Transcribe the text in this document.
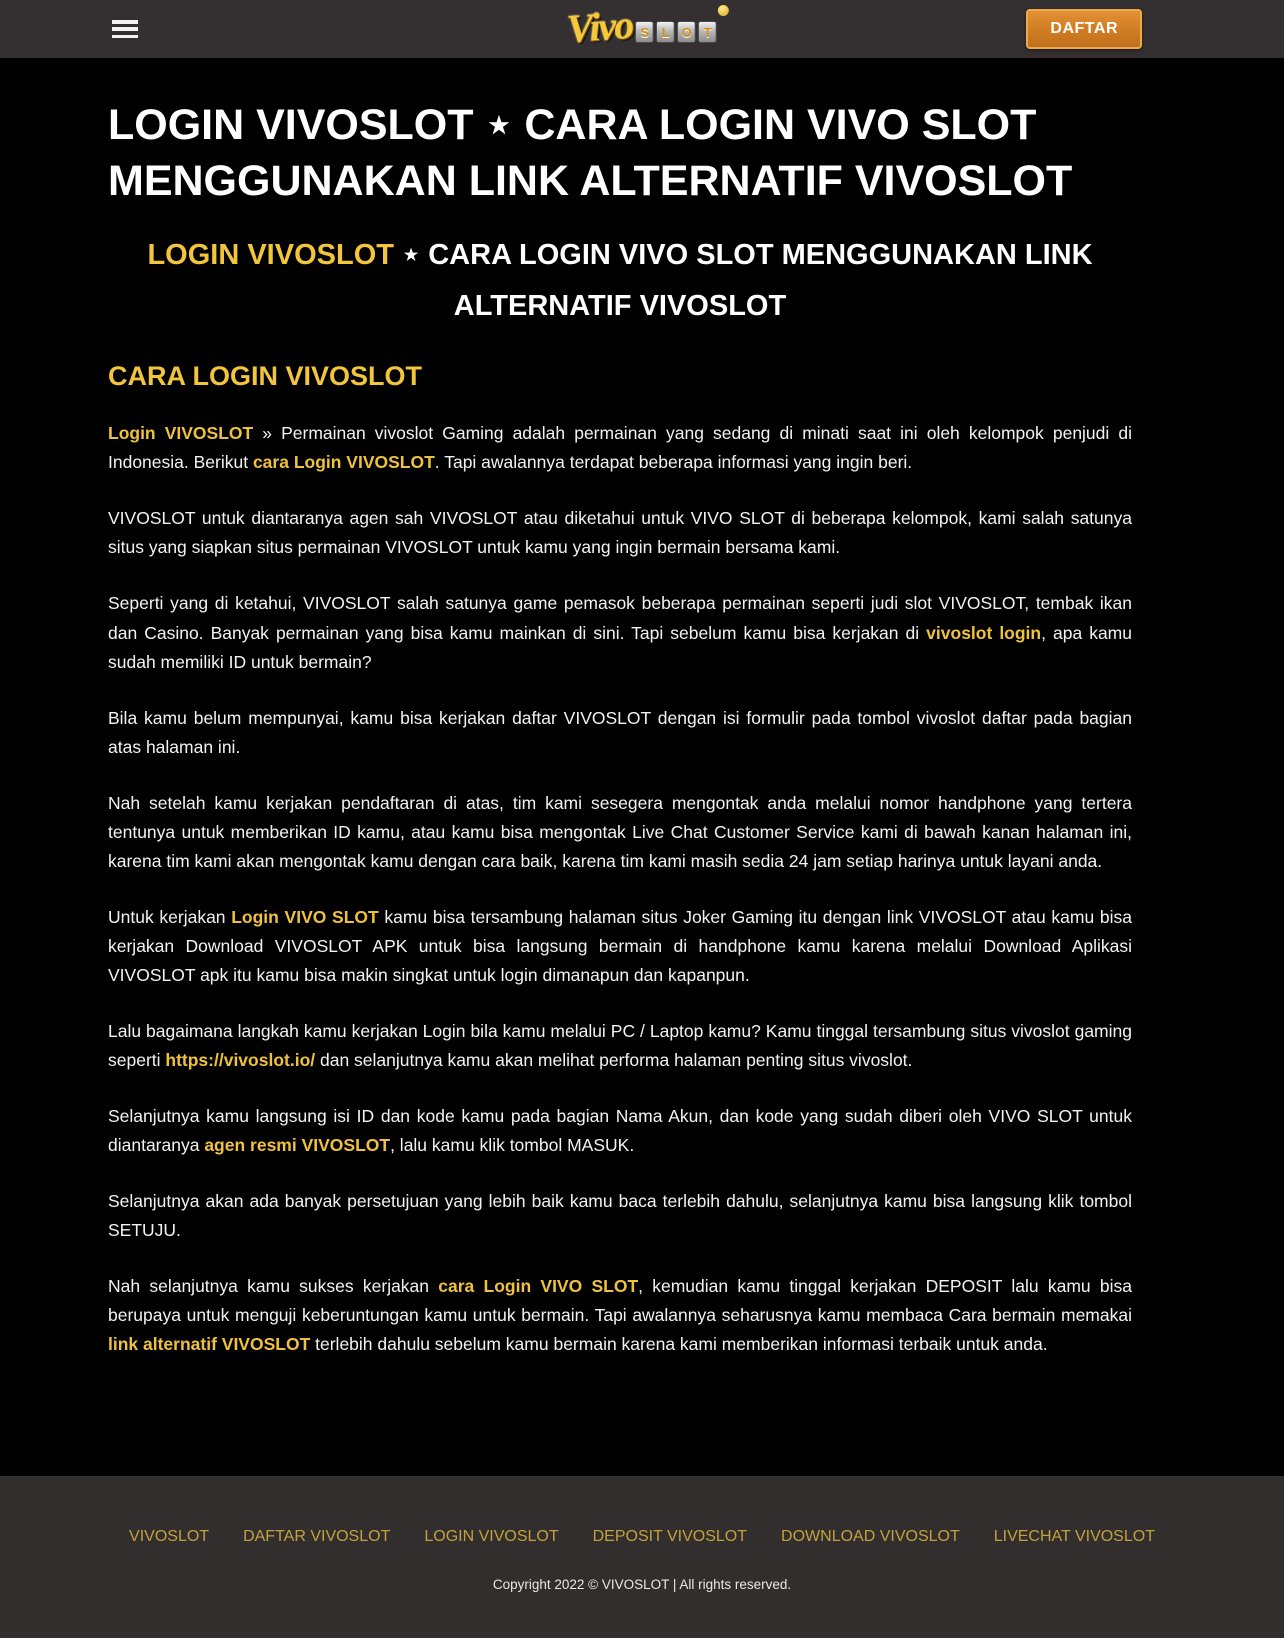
Vivo S L O T	DAFTAR
LOGIN VIVOSLOT ⋆ CARA LOGIN VIVO SLOT MENGGUNAKAN LINK ALTERNATIF VIVOSLOT
LOGIN VIVOSLOT ⋆ CARA LOGIN VIVO SLOT MENGGUNAKAN LINK ALTERNATIF VIVOSLOT
CARA LOGIN VIVOSLOT

Login VIVOSLOT » Permainan vivoslot Gaming adalah permainan yang sedang di minati saat ini oleh kelompok penjudi di Indonesia. Berikut cara Login VIVOSLOT. Tapi awalannya terdapat beberapa informasi yang ingin beri.

VIVOSLOT untuk diantaranya agen sah VIVOSLOT atau diketahui untuk VIVO SLOT di beberapa kelompok, kami salah satunya situs yang siapkan situs permainan VIVOSLOT untuk kamu yang ingin bermain bersama kami.

Seperti yang di ketahui, VIVOSLOT salah satunya game pemasok beberapa permainan seperti judi slot VIVOSLOT, tembak ikan dan Casino. Banyak permainan yang bisa kamu mainkan di sini. Tapi sebelum kamu bisa kerjakan di vivoslot login, apa kamu sudah memiliki ID untuk bermain?

Bila kamu belum mempunyai, kamu bisa kerjakan daftar VIVOSLOT dengan isi formulir pada tombol vivoslot daftar pada bagian atas halaman ini.

Nah setelah kamu kerjakan pendaftaran di atas, tim kami sesegera mengontak anda melalui nomor handphone yang tertera tentunya untuk memberikan ID kamu, atau kamu bisa mengontak Live Chat Customer Service kami di bawah kanan halaman ini, karena tim kami akan mengontak kamu dengan cara baik, karena tim kami masih sedia 24 jam setiap harinya untuk layani anda.

Untuk kerjakan Login VIVO SLOT kamu bisa tersambung halaman situs Joker Gaming itu dengan link VIVOSLOT atau kamu bisa kerjakan Download VIVOSLOT APK untuk bisa langsung bermain di handphone kamu karena melalui Download Aplikasi VIVOSLOT apk itu kamu bisa makin singkat untuk login dimanapun dan kapanpun.

Lalu bagaimana langkah kamu kerjakan Login bila kamu melalui PC / Laptop kamu? Kamu tinggal tersambung situs vivoslot gaming seperti https://vivoslot.io/ dan selanjutnya kamu akan melihat performa halaman penting situs vivoslot.

Selanjutnya kamu langsung isi ID dan kode kamu pada bagian Nama Akun, dan kode yang sudah diberi oleh VIVO SLOT untuk diantaranya agen resmi VIVOSLOT, lalu kamu klik tombol MASUK.

Selanjutnya akan ada banyak persetujuan yang lebih baik kamu baca terlebih dahulu, selanjutnya kamu bisa langsung klik tombol SETUJU.

Nah selanjutnya kamu sukses kerjakan cara Login VIVO SLOT, kemudian kamu tinggal kerjakan DEPOSIT lalu kamu bisa berupaya untuk menguji keberuntungan kamu untuk bermain. Tapi awalannya seharusnya kamu membaca Cara bermain memakai link alternatif VIVOSLOT terlebih dahulu sebelum kamu bermain karena kami memberikan informasi terbaik untuk anda.

VIVOSLOT DAFTAR VIVOSLOT LOGIN VIVOSLOT DEPOSIT VIVOSLOT DOWNLOAD VIVOSLOT LIVECHAT VIVOSLOT
Copyright 2022 © VIVOSLOT | All rights reserved.
